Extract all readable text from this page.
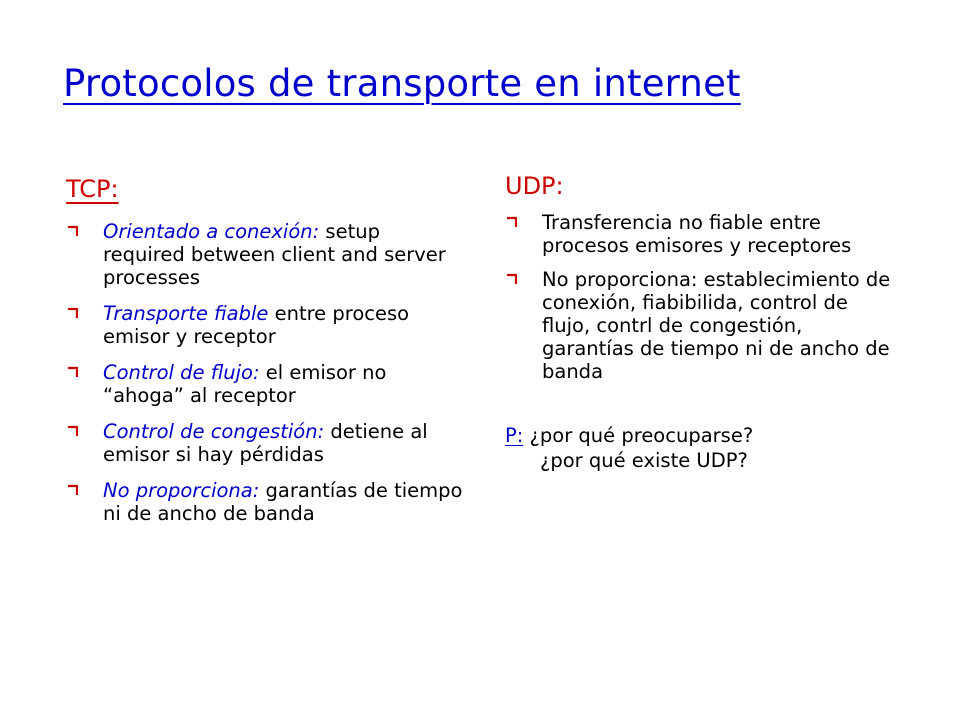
Protocolos de transporte en internet
TCP:
Orientado a conexión: setup required between client and server processes
Transporte fiable entre proceso emisor y receptor
Control de flujo: el emisor no “ahoga” al receptor
Control de congestión: detiene al emisor si hay pérdidas
No proporciona: garantías de tiempo ni de ancho de banda
UDP:
Transferencia no fiable entre procesos emisores y receptores
No proporciona: establecimiento de conexión, fiabibilida, control de flujo, contrl de congestión, garantías de tiempo ni de ancho de banda
P: ¿por qué preocuparse?
¿por qué existe UDP?
